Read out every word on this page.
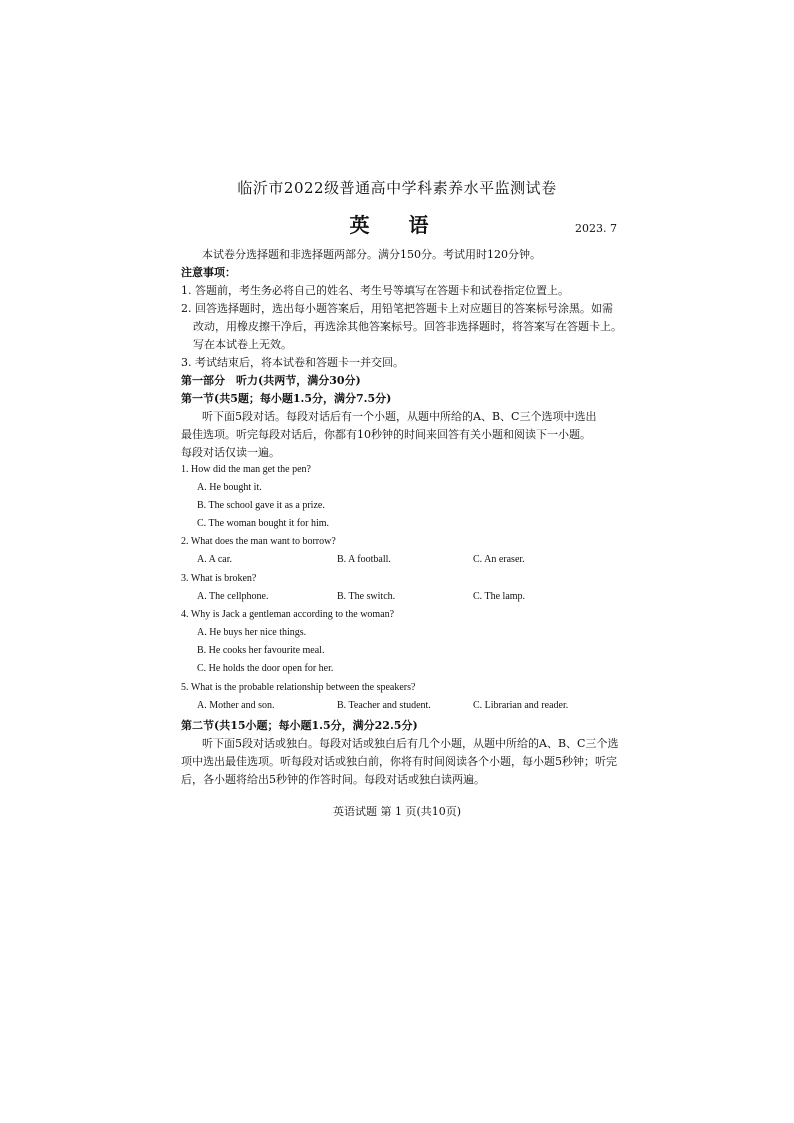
临沂市2022级普通高中学科素养水平监测试卷
英 语	2023. 7
本试卷分选择题和非选择题两部分。满分150分。考试用时120分钟。
注意事项：
1. 答题前，考生务必将自己的姓名、考生号等填写在答题卡和试卷指定位置上。
2. 回答选择题时，选出每小题答案后，用铅笔把答题卡上对应题目的答案标号涂黑。如需
改动，用橡皮擦干净后，再选涂其他答案标号。回答非选择题时，将答案写在答题卡上。
写在本试卷上无效。
3. 考试结束后，将本试卷和答题卡一并交回。
第一部分　听力(共两节，满分30分)
第一节(共5题；每小题1.5分，满分7.5分)
听下面5段对话。每段对话后有一个小题，从题中所给的A、B、C三个选项中选出
最佳选项。听完每段对话后，你都有10秒钟的时间来回答有关小题和阅读下一小题。
每段对话仅读一遍。
1. How did the man get the pen?
A. He bought it.
B. The school gave it as a prize.
C. The woman bought it for him.
2. What does the man want to borrow?
A. A car.	B. A football.	C. An eraser.
3. What is broken?
A. The cellphone.	B. The switch.	C. The lamp.
4. Why is Jack a gentleman according to the woman?
A. He buys her nice things.
B. He cooks her favourite meal.
C. He holds the door open for her.
5. What is the probable relationship between the speakers?
A. Mother and son.	B. Teacher and student.	C. Librarian and reader.
第二节(共15小题；每小题1.5分，满分22.5分)
听下面5段对话或独白。每段对话或独白后有几个小题，从题中所给的A、B、C三个选
项中选出最佳选项。听每段对话或独白前，你将有时间阅读各个小题，每小题5秒钟；听完
后，各小题将给出5秒钟的作答时间。每段对话或独白读两遍。
英语试题 第 1 页(共10页)
